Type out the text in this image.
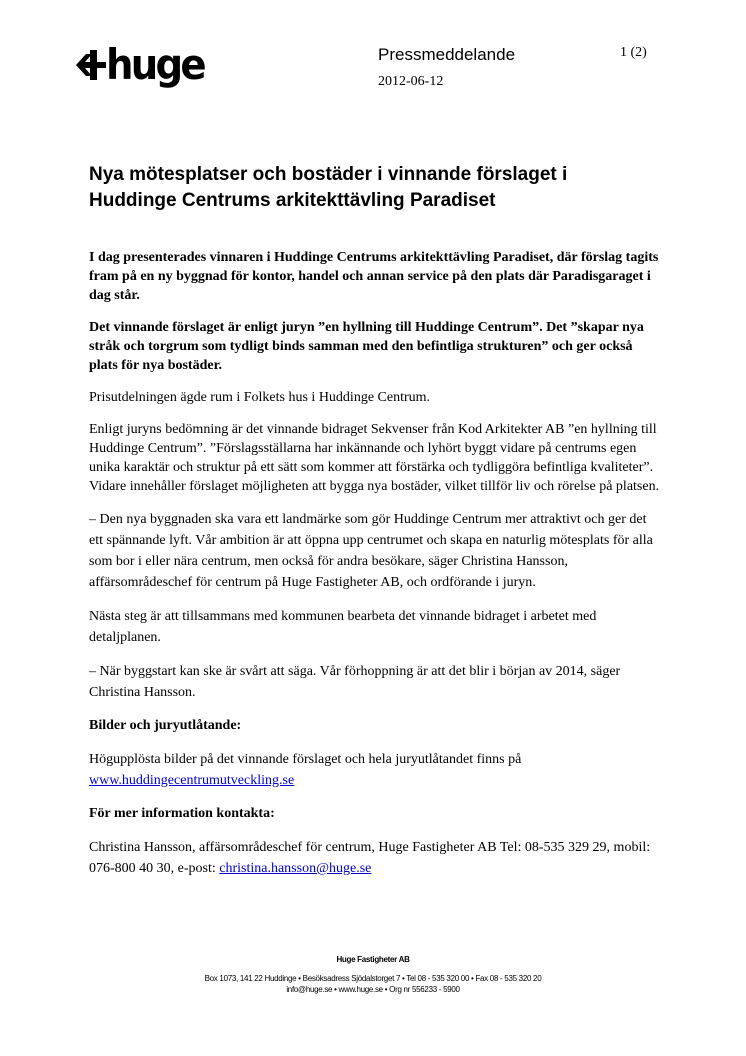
huge	Pressmeddelande	1 (2)
2012-06-12
Nya mötesplatser och bostäder i vinnande förslaget i
Huddinge Centrums arkitekttävling Paradiset

I dag presenterades vinnaren i Huddinge Centrums arkitekttävling Paradiset, där förslag tagits fram på en ny byggnad för kontor, handel och annan service på den plats där Paradisgaraget i dag står.

Det vinnande förslaget är enligt juryn ”en hyllning till Huddinge Centrum”. Det ”skapar nya stråk och torgrum som tydligt binds samman med den befintliga strukturen” och ger också plats för nya bostäder.

Prisutdelningen ägde rum i Folkets hus i Huddinge Centrum.

Enligt juryns bedömning är det vinnande bidraget Sekvenser från Kod Arkitekter AB ”en hyllning till Huddinge Centrum”. ”Förslagsställarna har inkännande och lyhört byggt vidare på centrums egen unika karaktär och struktur på ett sätt som kommer att förstärka och tydliggöra befintliga kvaliteter”. Vidare innehåller förslaget möjligheten att bygga nya bostäder, vilket tillför liv och rörelse på platsen.

– Den nya byggnaden ska vara ett landmärke som gör Huddinge Centrum mer attraktivt och ger det ett spännande lyft. Vår ambition är att öppna upp centrumet och skapa en naturlig mötesplats för alla som bor i eller nära centrum, men också för andra besökare, säger Christina Hansson, affärsområdeschef för centrum på Huge Fastigheter AB, och ordförande i juryn.

Nästa steg är att tillsammans med kommunen bearbeta det vinnande bidraget i arbetet med detaljplanen.

– När byggstart kan ske är svårt att säga. Vår förhoppning är att det blir i början av 2014, säger Christina Hansson.

Bilder och juryutlåtande:

Högupplösta bilder på det vinnande förslaget och hela juryutlåtandet finns på
www.huddingecentrumutveckling.se

För mer information kontakta:

Christina Hansson, affärsområdeschef för centrum, Huge Fastigheter AB Tel: 08-535 329 29, mobil: 076-800 40 30, e-post: christina.hansson@huge.se

Huge Fastigheter AB
Box 1073, 141 22 Huddinge • Besöksadress Sjödalstorget 7 • Tel 08 - 535 320 00 • Fax 08 - 535 320 20
info@huge.se • www.huge.se • Org nr 556233 - 5900
